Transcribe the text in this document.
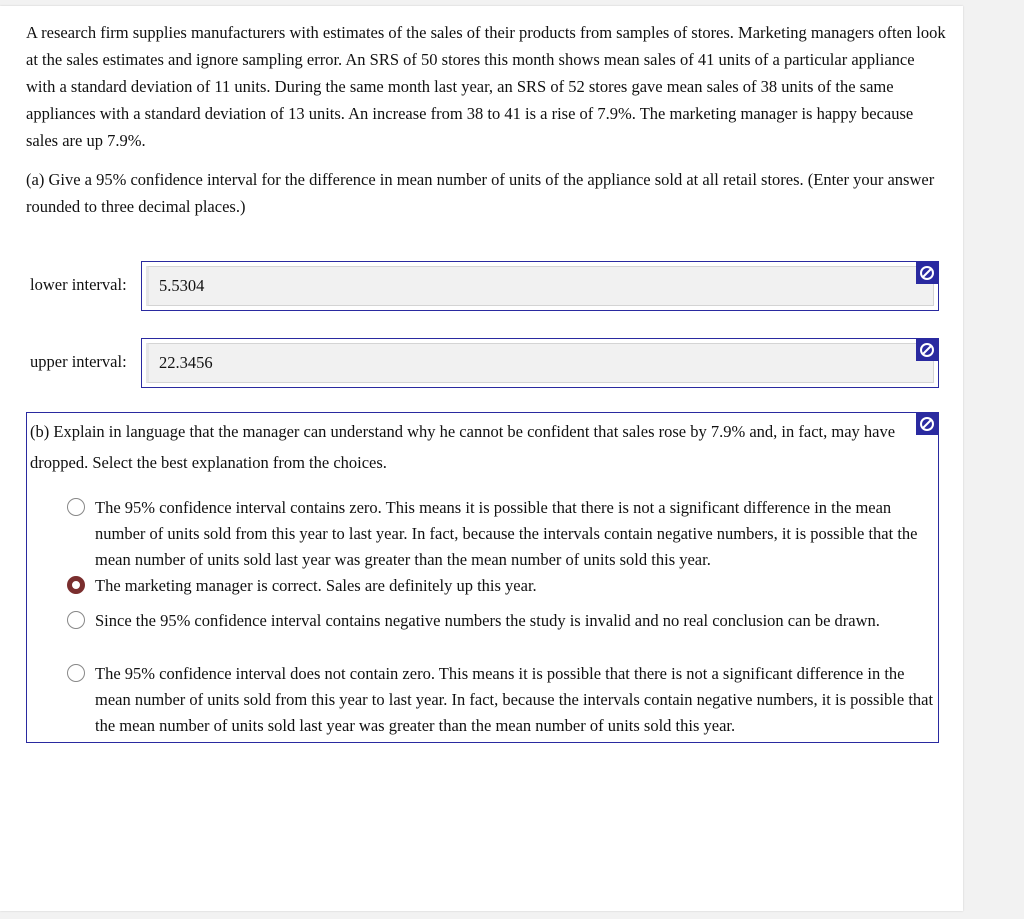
A research firm supplies manufacturers with estimates of the sales of their products from samples of stores. Marketing managers often look at the sales estimates and ignore sampling error. An SRS of 50 stores this month shows mean sales of 41 units of a particular appliance with a standard deviation of 11 units. During the same month last year, an SRS of 52 stores gave mean sales of 38 units of the same appliances with a standard deviation of 13 units. An increase from 38 to 41 is a rise of 7.9%. The marketing manager is happy because sales are up 7.9%.
(a) Give a 95% confidence interval for the difference in mean number of units of the appliance sold at all retail stores. (Enter your answer rounded to three decimal places.)
lower interval:	5.5304
upper interval:	22.3456
(b) Explain in language that the manager can understand why he cannot be confident that sales rose by 7.9% and, in fact, may have dropped. Select the best explanation from the choices.
The 95% confidence interval contains zero. This means it is possible that there is not a significant difference in the mean number of units sold from this year to last year. In fact, because the intervals contain negative numbers, it is possible that the mean number of units sold last year was greater than the mean number of units sold this year.
The marketing manager is correct. Sales are definitely up this year.
Since the 95% confidence interval contains negative numbers the study is invalid and no real conclusion can be drawn.
The 95% confidence interval does not contain zero. This means it is possible that there is not a significant difference in the mean number of units sold from this year to last year. In fact, because the intervals contain negative numbers, it is possible that the mean number of units sold last year was greater than the mean number of units sold this year.
